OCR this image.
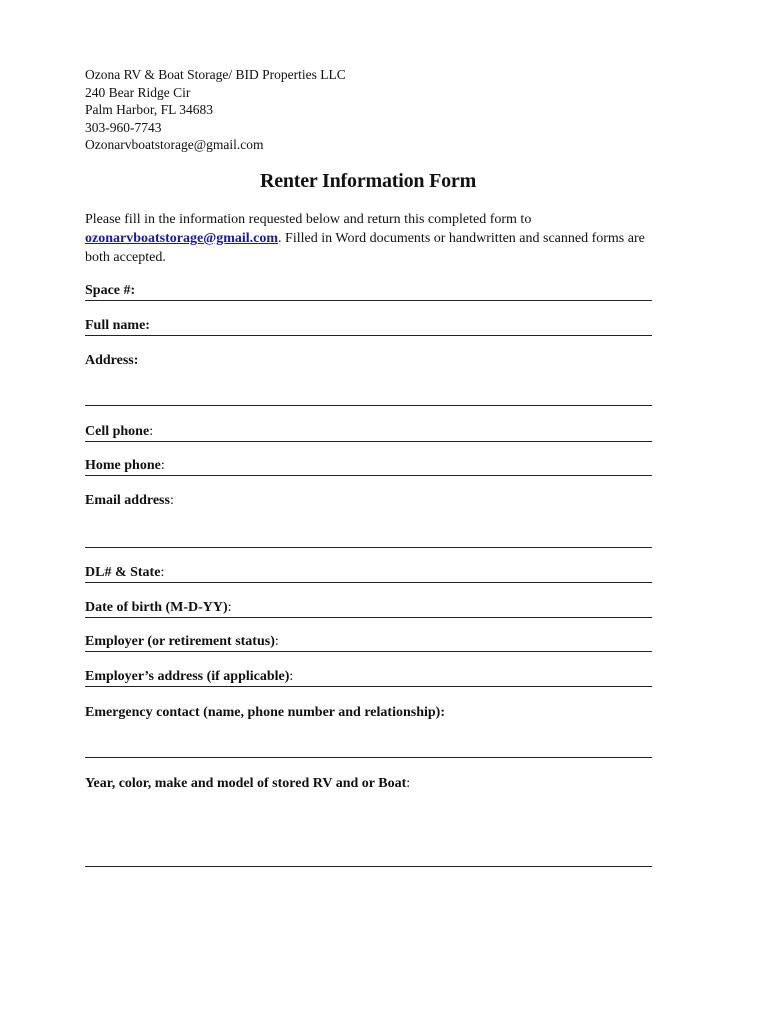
Ozona RV & Boat Storage/ BID Properties LLC
240 Bear Ridge Cir
Palm Harbor, FL 34683
303-960-7743
Ozonarvboatstorage@gmail.com
Renter Information Form
Please fill in the information requested below and return this completed form to ozonarvboatstorage@gmail.com. Filled in Word documents or handwritten and scanned forms are both accepted.
Space #:
Full name:
Address:
Cell phone:
Home phone:
Email address:
DL# & State:
Date of birth (M-D-YY):
Employer (or retirement status):
Employer’s address (if applicable):
Emergency contact (name, phone number and relationship):
Year, color, make and model of stored RV and or Boat:
